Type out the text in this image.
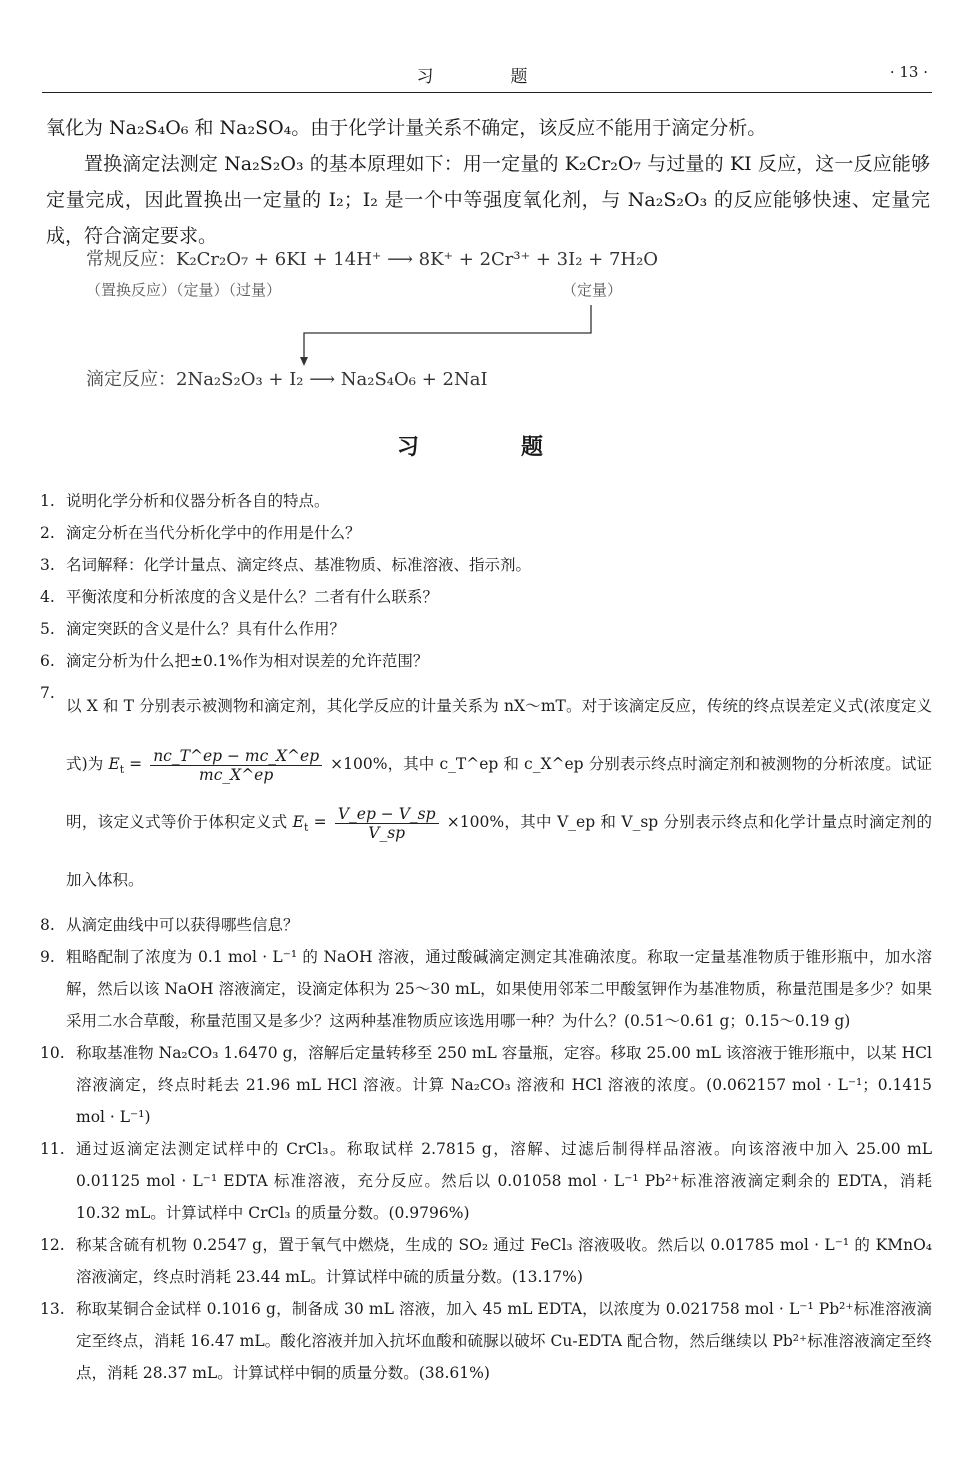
习　题	· 13 ·

氧化为 Na₂S₄O₆ 和 Na₂SO₄。由于化学计量关系不确定，该反应不能用于滴定分析。

置换滴定法测定 Na₂S₂O₃ 的基本原理如下：用一定量的 K₂Cr₂O₇ 与过量的 KI 反应，这一反应能够定量完成，因此置换出一定量的 I₂；I₂ 是一个中等强度氧化剂，与 Na₂S₂O₃ 的反应能够快速、定量完成，符合滴定要求。

常规反应：K₂Cr₂O₇ + 6KI + 14H⁺ ⟶ 8K⁺ + 2Cr³⁺ + 3I₂ + 7H₂O
（置换反应）（定量）（过量）	（定量）
滴定反应：2Na₂S₂O₃ + I₂ ⟶ Na₂S₄O₆ + 2NaI
习　题
1. 说明化学分析和仪器分析各自的特点。
2. 滴定分析在当代分析化学中的作用是什么？
3. 名词解释：化学计量点、滴定终点、基准物质、标准溶液、指示剂。
4. 平衡浓度和分析浓度的含义是什么？二者有什么联系？
5. 滴定突跃的含义是什么？具有什么作用？
6. 滴定分析为什么把±0.1%作为相对误差的允许范围？
7.
以 X 和 T 分别表示被测物和滴定剂，其化学反应的计量关系为 nX～mT。对于该滴定反应，传统的终点误差定义式(浓度定义式)为 $E_t = \frac{nc\_T\^{}ep - mc\_X\^{}ep}{mc\_X\^{}ep} \times 100\%$，其中 c_T^ep 和 c_X^ep 分别表示终点时滴定剂和被测物的分析浓度。试证明，该定义式等价于体积定义式 $E_t = \frac{V\_ep - V\_sp}{V\_sp} \times 100\%$，其中 V_ep 和 V_sp 分别表示终点和化学计量点时滴定剂的加入体积。
8. 从滴定曲线中可以获得哪些信息？
9. 粗略配制了浓度为 0.1 mol · L⁻¹ 的 NaOH 溶液，通过酸碱滴定测定其准确浓度。称取一定量基准物质于锥形瓶中，加水溶解，然后以该 NaOH 溶液滴定，设滴定体积为 25～30 mL，如果使用邻苯二甲酸氢钾作为基准物质，称量范围是多少？如果采用二水合草酸，称量范围又是多少？这两种基准物质应该选用哪一种？为什么？(0.51～0.61 g；0.15～0.19 g)
10. 称取基准物 Na₂CO₃ 1.6470 g，溶解后定量转移至 250 mL 容量瓶，定容。移取 25.00 mL 该溶液于锥形瓶中，以某 HCl 溶液滴定，终点时耗去 21.96 mL HCl 溶液。计算 Na₂CO₃ 溶液和 HCl 溶液的浓度。(0.062157 mol · L⁻¹；0.1415 mol · L⁻¹)
11. 通过返滴定法测定试样中的 CrCl₃。称取试样 2.7815 g，溶解、过滤后制得样品溶液。向该溶液中加入 25.00 mL 0.01125 mol · L⁻¹ EDTA 标准溶液，充分反应。然后以 0.01058 mol · L⁻¹ Pb²⁺标准溶液滴定剩余的 EDTA，消耗 10.32 mL。计算试样中 CrCl₃ 的质量分数。(0.9796%)
12. 称某含硫有机物 0.2547 g，置于氧气中燃烧，生成的 SO₂ 通过 FeCl₃ 溶液吸收。然后以 0.01785 mol · L⁻¹ 的 KMnO₄ 溶液滴定，终点时消耗 23.44 mL。计算试样中硫的质量分数。(13.17%)
13. 称取某铜合金试样 0.1016 g，制备成 30 mL 溶液，加入 45 mL EDTA，以浓度为 0.021758 mol · L⁻¹ Pb²⁺标准溶液滴定至终点，消耗 16.47 mL。酸化溶液并加入抗坏血酸和硫脲以破坏 Cu-EDTA 配合物，然后继续以 Pb²⁺标准溶液滴定至终点，消耗 28.37 mL。计算试样中铜的质量分数。(38.61%)
